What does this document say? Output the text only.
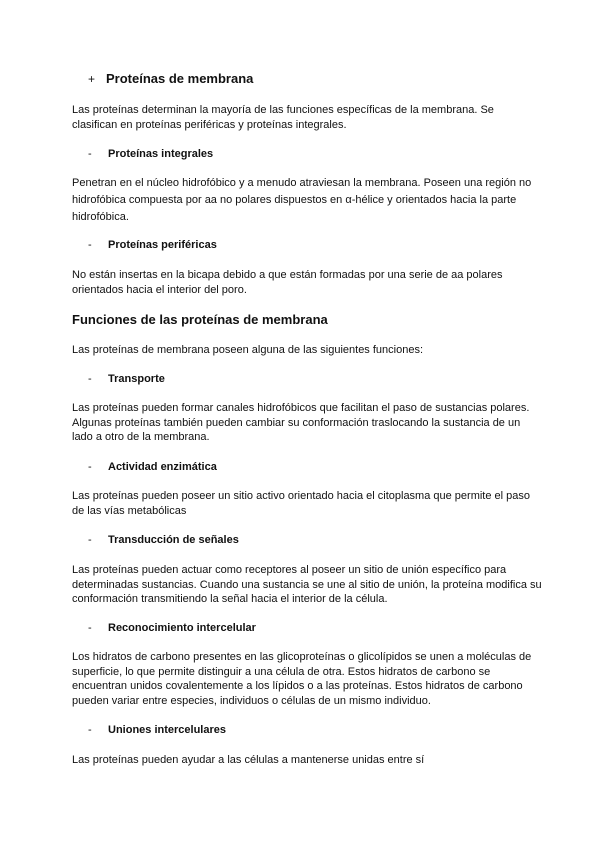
+ Proteínas de membrana
Las proteínas determinan la mayoría de las funciones específicas de la membrana. Se clasifican en proteínas periféricas y proteínas integrales.
- Proteínas integrales
Penetran en el núcleo hidrofóbico y a menudo atraviesan la membrana. Poseen una región no hidrofóbica compuesta por aa no polares dispuestos en α-hélice y orientados hacia la parte hidrofóbica.
- Proteínas periféricas
No están insertas en la bicapa debido a que están formadas por una serie de aa polares orientados hacia el interior del poro.
Funciones de las proteínas de membrana
Las proteínas de membrana poseen alguna de las siguientes funciones:
- Transporte
Las proteínas pueden formar canales hidrofóbicos que facilitan el paso de sustancias polares. Algunas proteínas también pueden cambiar su conformación traslocando la sustancia de un lado a otro de la membrana.
- Actividad enzimática
Las proteínas pueden poseer un sitio activo orientado hacia el citoplasma que permite el paso de las vías metabólicas
- Transducción de señales
Las proteínas pueden actuar como receptores al poseer un sitio de unión específico para determinadas sustancias. Cuando una sustancia se une al sitio de unión, la proteína modifica su conformación transmitiendo la señal hacia el interior de la célula.
- Reconocimiento intercelular
Los hidratos de carbono presentes en las glicoproteínas o glicolípidos se unen a moléculas de superficie, lo que permite distinguir a una célula de otra. Estos hidratos de carbono se encuentran unidos covalentemente a los lípidos o a las proteínas. Estos hidratos de carbono pueden variar entre especies, individuos o células de un mismo individuo.
- Uniones intercelulares
Las proteínas pueden ayudar a las células a mantenerse unidas entre sí
